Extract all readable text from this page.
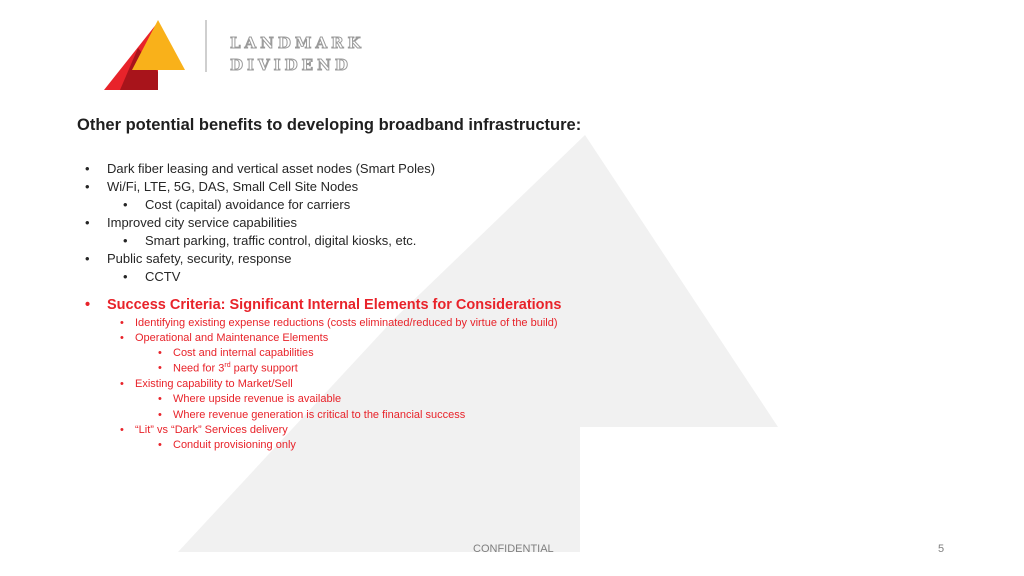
LANDMARK
DIVIDEND
Other potential benefits to developing broadband infrastructure:
• Dark fiber leasing and vertical asset nodes (Smart Poles)
• Wi/Fi, LTE, 5G, DAS, Small Cell Site Nodes
• Cost (capital) avoidance for carriers
• Improved city service capabilities
• Smart parking, traffic control, digital kiosks, etc.
• Public safety, security, response
• CCTV
• Success Criteria: Significant Internal Elements for Considerations
• Identifying existing expense reductions (costs eliminated/reduced by virtue of the build)
• Operational and Maintenance Elements
• Cost and internal capabilities
• Need for 3rd party support
• Existing capability to Market/Sell
• Where upside revenue is available
• Where revenue generation is critical to the financial success
• “Lit” vs “Dark” Services delivery
• Conduit provisioning only
CONFIDENTIAL	5
